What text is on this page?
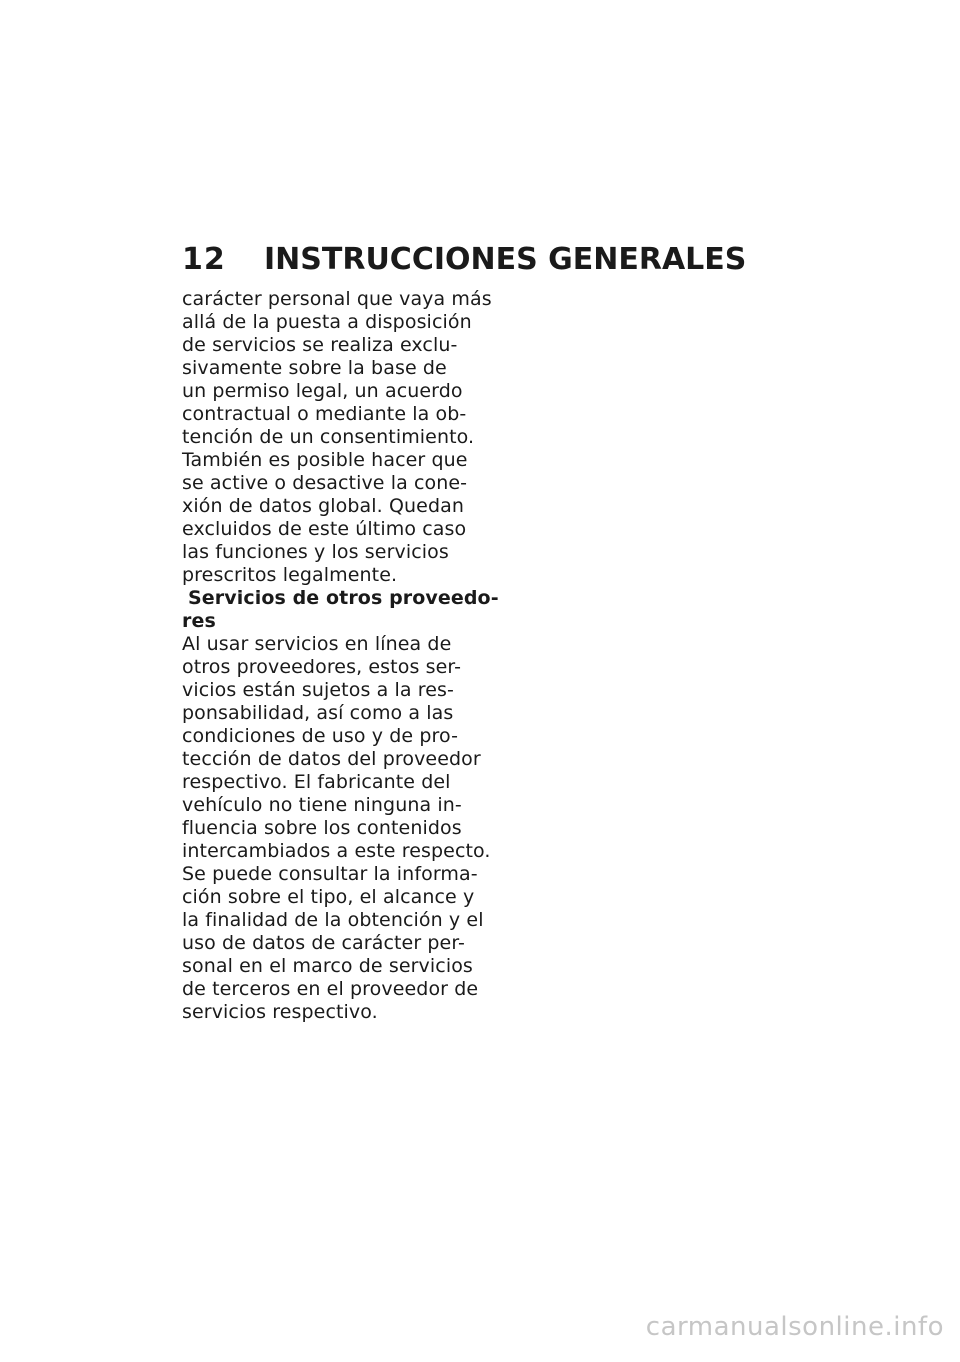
12 INSTRUCCIONES GENERALES
carácter personal que vaya más
allá de la puesta a disposición
de servicios se realiza exclu-
sivamente sobre la base de
un permiso legal, un acuerdo
contractual o mediante la ob-
tención de un consentimiento.
También es posible hacer que
se active o desactive la cone-
xión de datos global. Quedan
excluidos de este último caso
las funciones y los servicios
prescritos legalmente.
Servicios de otros proveedo-
res
Al usar servicios en línea de
otros proveedores, estos ser-
vicios están sujetos a la res-
ponsabilidad, así como a las
condiciones de uso y de pro-
tección de datos del proveedor
respectivo. El fabricante del
vehículo no tiene ninguna in-
fluencia sobre los contenidos
intercambiados a este respecto.
Se puede consultar la informa-
ción sobre el tipo, el alcance y
la finalidad de la obtención y el
uso de datos de carácter per-
sonal en el marco de servicios
de terceros en el proveedor de
servicios respectivo.
carmanualsonline.info
